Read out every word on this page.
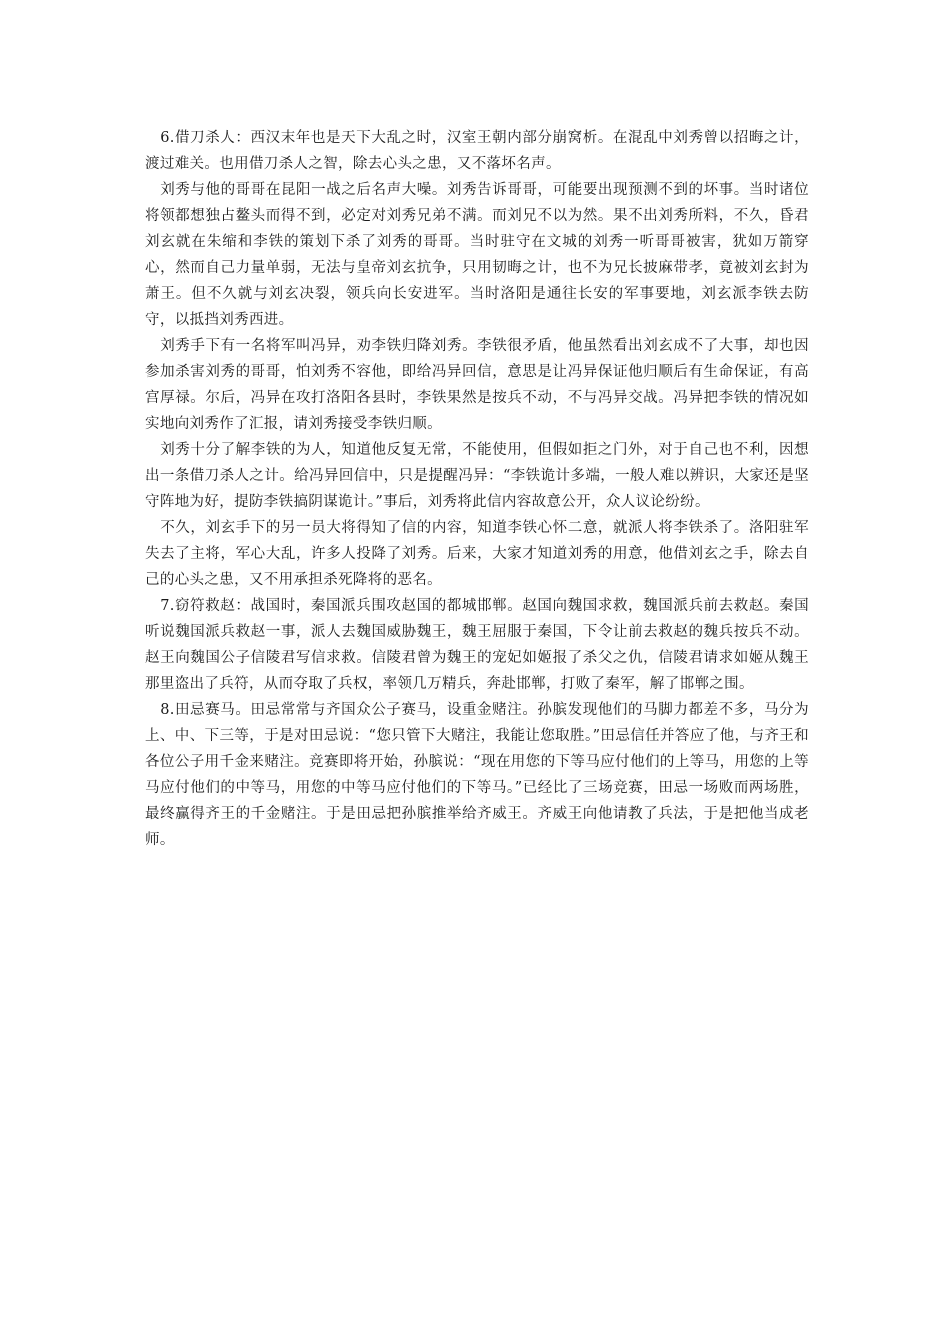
6.借刀杀人：西汉末年也是天下大乱之时，汉室王朝内部分崩窝析。在混乱中刘秀曾以招晦之计，渡过难关。也用借刀杀人之智，除去心头之患，又不落坏名声。

刘秀与他的哥哥在昆阳一战之后名声大噪。刘秀告诉哥哥，可能要出现预测不到的坏事。当时诸位将领都想独占鳌头而得不到，必定对刘秀兄弟不满。而刘兄不以为然。果不出刘秀所料，不久，昏君刘玄就在朱缩和李铁的策划下杀了刘秀的哥哥。当时驻守在文城的刘秀一听哥哥被害，犹如万箭穿心，然而自己力量单弱，无法与皇帝刘玄抗争，只用韧晦之计，也不为兄长披麻带孝，竟被刘玄封为萧王。但不久就与刘玄决裂，领兵向长安进军。当时洛阳是通往长安的军事要地，刘玄派李铁去防守，以抵挡刘秀西进。

刘秀手下有一名将军叫冯异，劝李铁归降刘秀。李铁很矛盾，他虽然看出刘玄成不了大事，却也因参加杀害刘秀的哥哥，怕刘秀不容他，即给冯异回信，意思是让冯异保证他归顺后有生命保证，有高宫厚禄。尔后，冯异在攻打洛阳各县时，李铁果然是按兵不动，不与冯异交战。冯异把李铁的情况如实地向刘秀作了汇报，请刘秀接受李铁归顺。

刘秀十分了解李铁的为人，知道他反复无常，不能使用，但假如拒之门外，对于自己也不利，因想出一条借刀杀人之计。给冯异回信中，只是提醒冯异：“李铁诡计多端，一般人难以辨识，大家还是坚守阵地为好，提防李铁搞阴谋诡计。”事后，刘秀将此信内容故意公开，众人议论纷纷。

不久，刘玄手下的另一员大将得知了信的内容，知道李铁心怀二意，就派人将李铁杀了。洛阳驻军失去了主将，军心大乱，许多人投降了刘秀。后来，大家才知道刘秀的用意，他借刘玄之手，除去自己的心头之患，又不用承担杀死降将的恶名。

7.窃符救赵：战国时，秦国派兵围攻赵国的都城邯郸。赵国向魏国求救，魏国派兵前去救赵。秦国听说魏国派兵救赵一事，派人去魏国威胁魏王，魏王屈服于秦国，下令让前去救赵的魏兵按兵不动。赵王向魏国公子信陵君写信求救。信陵君曾为魏王的宠妃如姬报了杀父之仇，信陵君请求如姬从魏王那里盗出了兵符，从而夺取了兵权，率领几万精兵，奔赴邯郸，打败了秦军，解了邯郸之围。

8.田忌赛马。田忌常常与齐国众公子赛马，设重金赌注。孙膑发现他们的马脚力都差不多，马分为上、中、下三等，于是对田忌说：“您只管下大赌注，我能让您取胜。”田忌信任并答应了他，与齐王和各位公子用千金来赌注。竞赛即将开始，孙膑说：“现在用您的下等马应付他们的上等马，用您的上等马应付他们的中等马，用您的中等马应付他们的下等马。”已经比了三场竞赛，田忌一场败而两场胜，最终赢得齐王的千金赌注。于是田忌把孙膑推举给齐威王。齐威王向他请教了兵法，于是把他当成老师。
